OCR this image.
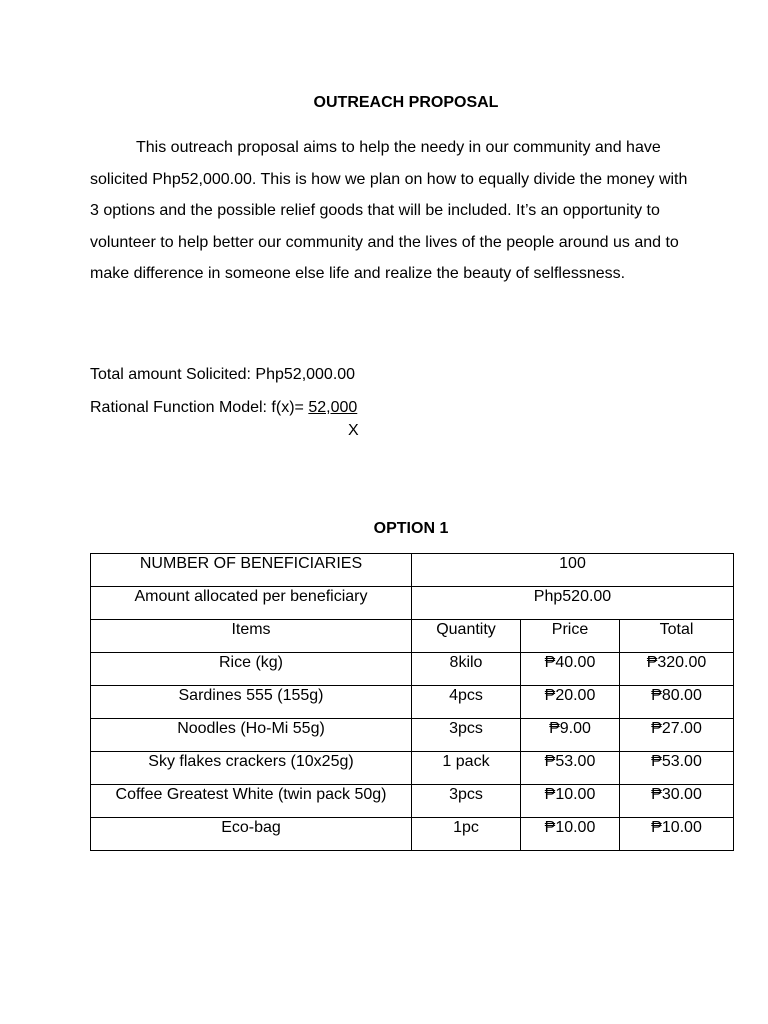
OUTREACH PROPOSAL

This outreach proposal aims to help the needy in our community and have solicited Php52,000.00. This is how we plan on how to equally divide the money with 3 options and the possible relief goods that will be included. It’s an opportunity to volunteer to help better our community and the lives of the people around us and to make difference in someone else life and realize the beauty of selflessness.

Total amount Solicited: Php52,000.00

Rational Function Model: f(x)= 52,000

X
OPTION 1
NUMBER OF BENEFICIARIES	100		
Amount allocated per beneficiary	Php520.00		
Items	Quantity	Price	Total
Rice (kg)	8kilo	₱40.00	₱320.00
Sardines 555 (155g)	4pcs	₱20.00	₱80.00
Noodles (Ho-Mi 55g)	3pcs	₱9.00	₱27.00
Sky flakes crackers (10x25g)	1 pack	₱53.00	₱53.00
Coffee Greatest White (twin pack 50g)	3pcs	₱10.00	₱30.00
Eco-bag	1pc	₱10.00	₱10.00
